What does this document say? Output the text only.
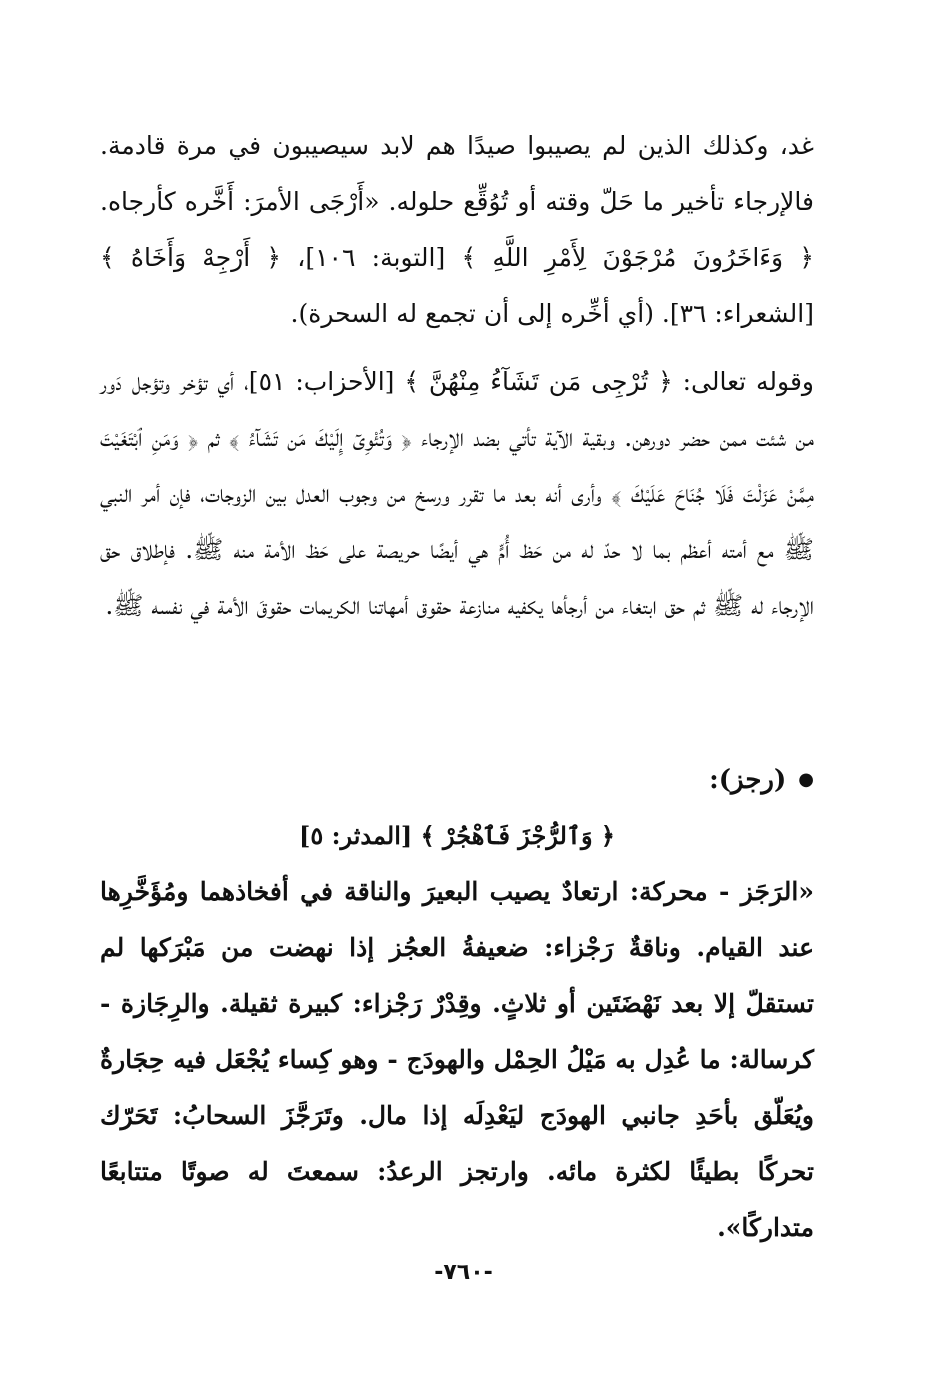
غد، وكذلك الذين لم يصيبوا صيدًا هم لابد سيصيبون في مرة قادمة. فالإرجاء تأخير ما حَلّ وقته أو تُوُقِّع حلوله. «أَرْجَى الأمرَ: أَخَّره كأرجاه. ﴿ وَءَاخَرُونَ مُرْجَوْنَ لِأَمْرِ اللَّهِ ﴾ [التوبة: ١٠٦]، ﴿ أَرْجِهْ وَأَخَاهُ ﴾ [الشعراء: ٣٦]. (أي أخِّره إلى أن تجمع له السحرة).

وقوله تعالى: ﴿ تُرْجِى مَن تَشَآءُ مِنْهُنَّ ﴾ [الأحزاب: ٥١]، أي تؤخر وتؤجل دَور من شئت ممن حضر دورهن. وبقية الآية تأتي بضد الإرجاء ﴿ وَتُئْوِىٓ إِلَيْكَ مَن تَشَآءُ ﴾ ثم ﴿ وَمَنِ ٱبْتَغَيْتَ مِمَّنْ عَزَلْتَ فَلَا جُنَاحَ عَلَيْكَ ﴾ وأرى أنه بعد ما تقرر ورسخ من وجوب العدل بين الزوجات، فإن أمر النبي ﷺ مع أمته أعظم بما لا حدّ له من حَظ أُمٍّ هي أيضًا حريصة على حَظ الأمة منه ﷺ. فإطلاق حق الإرجاء له ﷺ ثم حق ابتغاء من أرجأها يكفيه منازعة حقوق أمهاتنا الكريمات حقوقَ الأمة في نفسه ﷺ.

●
(رجز):
﴿ وَٱلرُّجْزَ فَٱهْجُرْ ﴾ [المدثر: ٥]

«الرَجَز - محركة: ارتعادٌ يصيب البعيرَ والناقة في أفخاذهما ومُؤَخَّرِها عند القيام. وناقةٌ رَجْزاء: ضعيفةُ العجُز إذا نهضت من مَبْرَكها لم تستقلّ إلا بعد نَهْضَتَين أو ثلاثٍ. وقِدْرٌ رَجْزاء: كبيرة ثقيلة. والرِجَازة - كرسالة: ما عُدِل به مَيْلُ الحِمْل والهودَج - وهو كِساء يُجْعَل فيه حِجَارةٌ ويُعَلّق بأحَدِ جانبي الهودَج ليَعْدِلَه إذا مال. وتَرَجَّزَ السحابُ: تَحَرّك تحركًا بطيئًا لكثرة مائه. وارتجز الرعدُ: سمعتَ له صوتًا متتابعًا متداركًا».

-٧٦٠-
